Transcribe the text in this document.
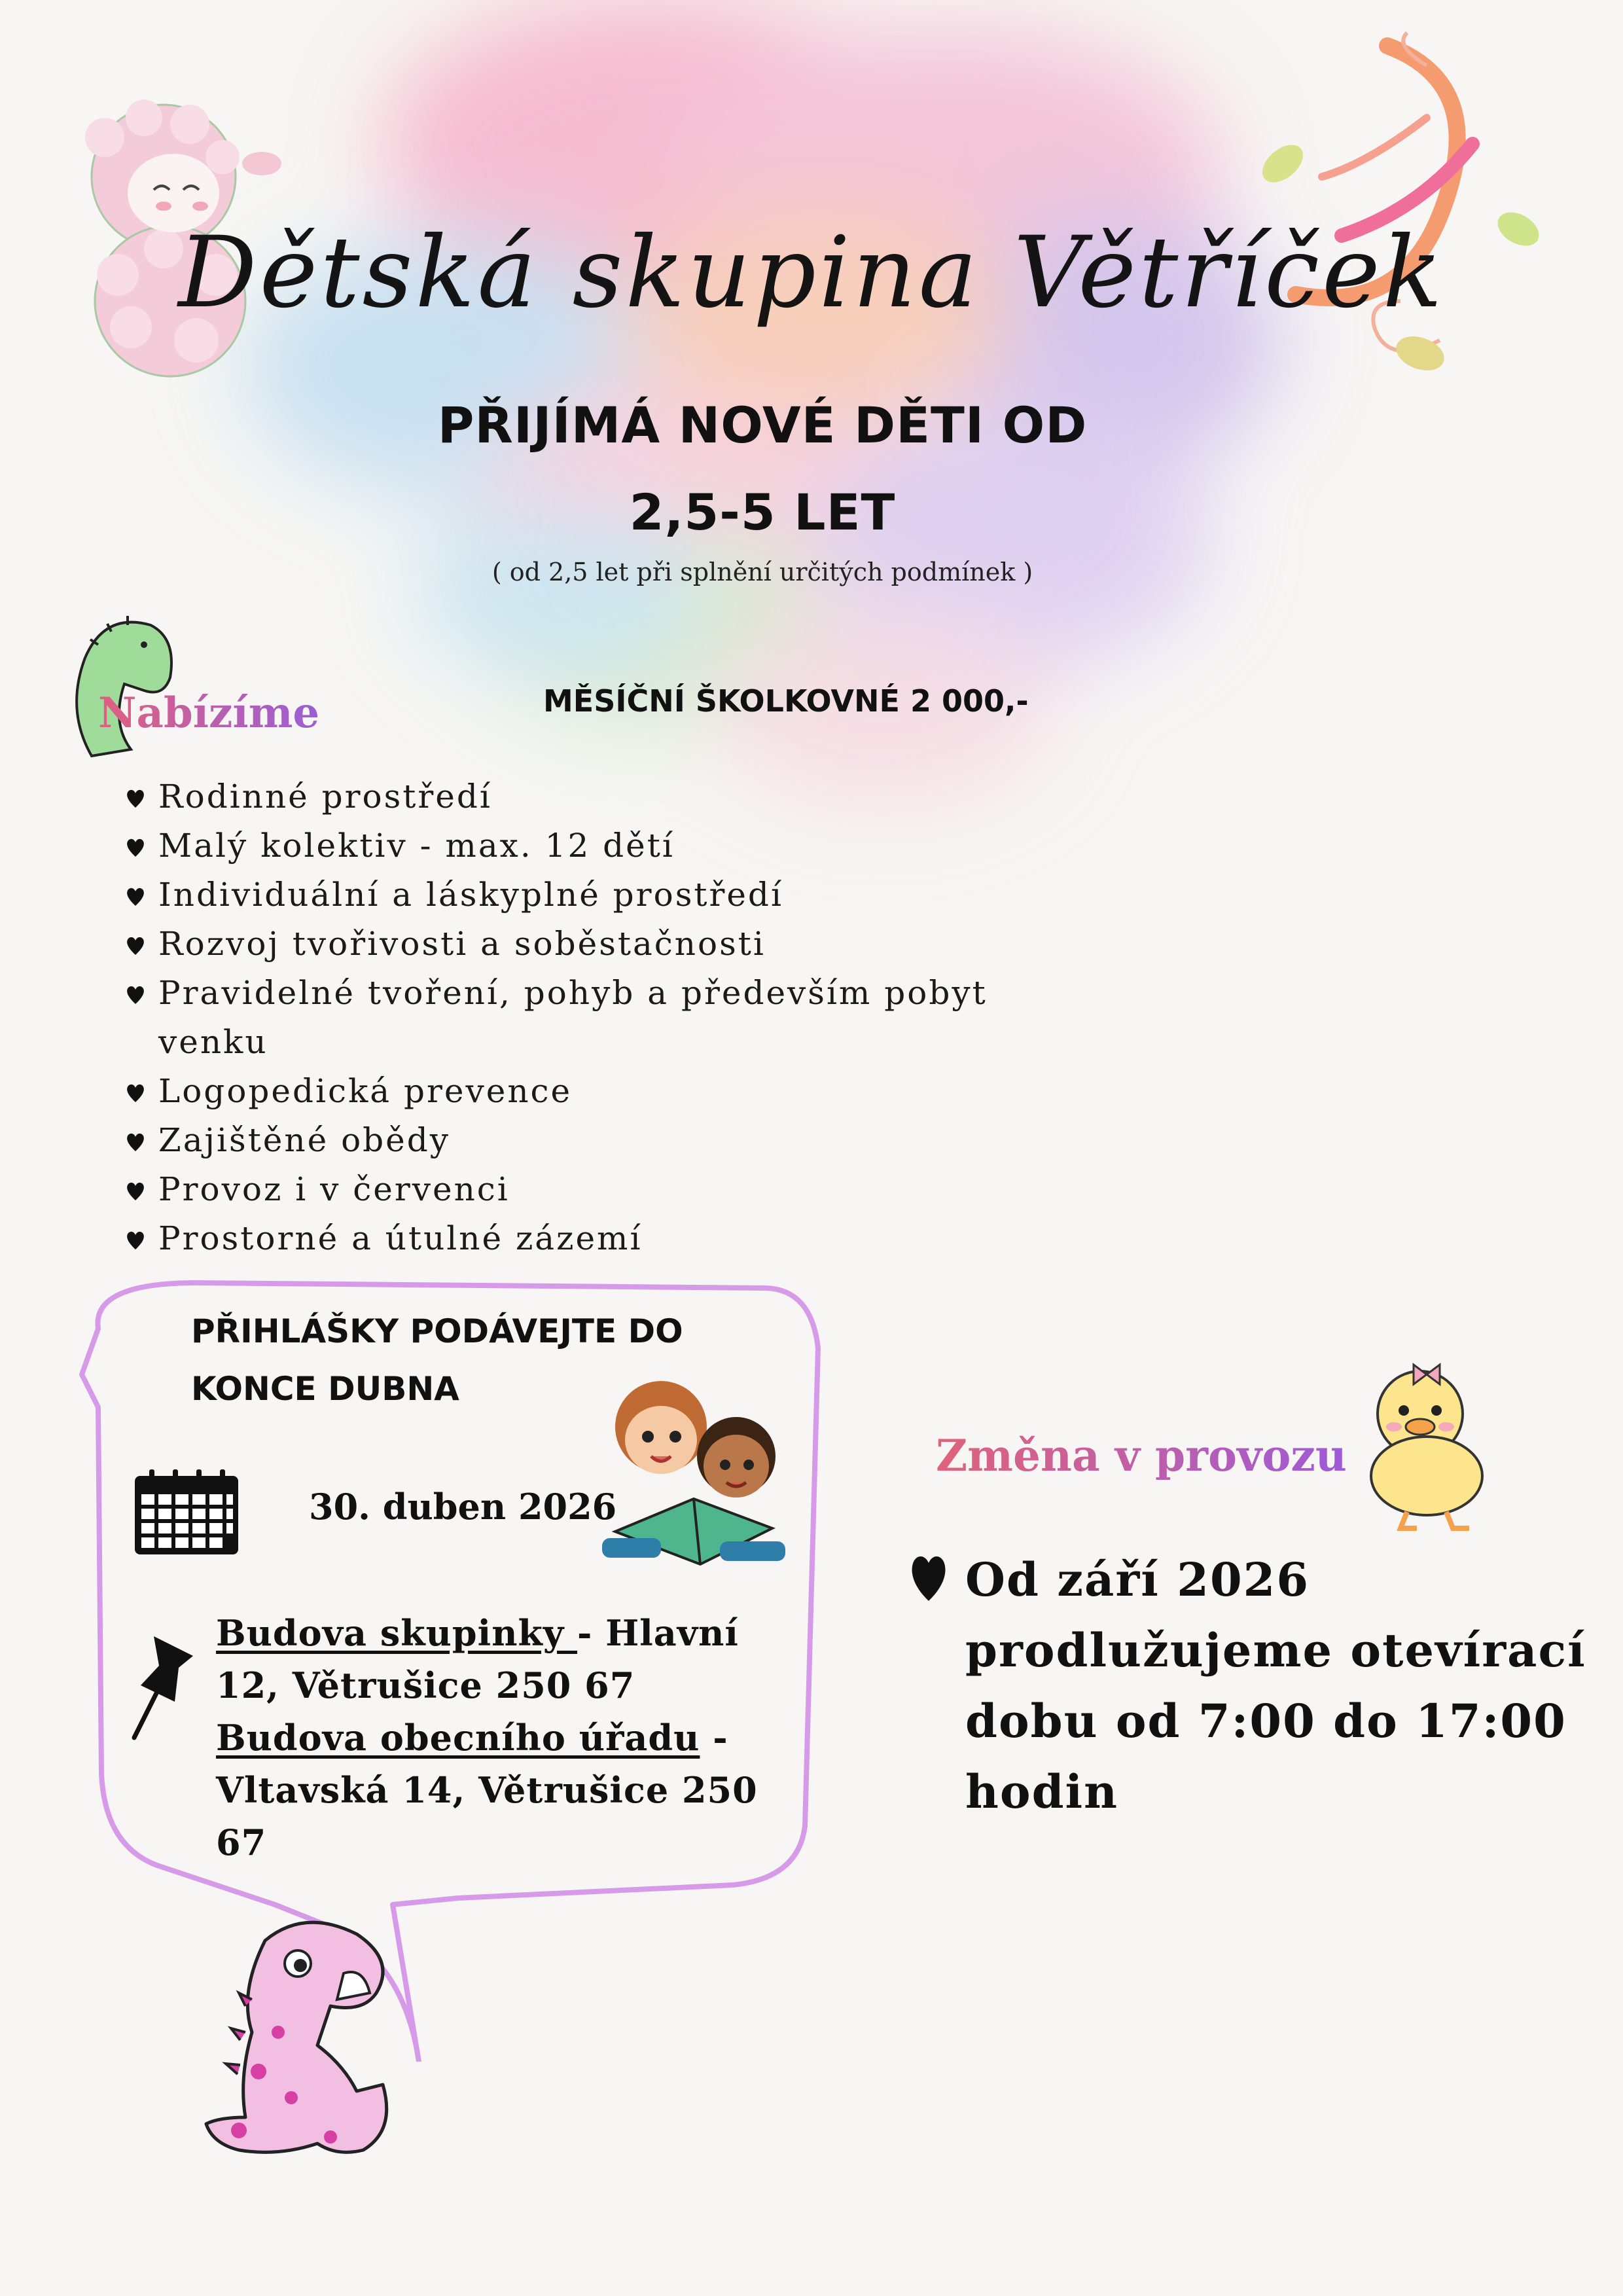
Dětská skupina Větříček
PŘIJÍMÁ NOVÉ DĚTI OD
2,5-5 LET
( od 2,5 let při splnění určitých podmínek )
Nabízíme	MĚSÍČNÍ ŠKOLKOVNÉ 2 000,-
Rodinné prostředí
Malý kolektiv - max. 12 dětí
Individuální a láskyplné prostředí
Rozvoj tvořivosti a soběstačnosti
Pravidelné tvoření, pohyb a především pobyt venku
Logopedická prevence
Zajištěné obědy
Provoz i v červenci
Prostorné a útulné zázemí
PŘIHLÁŠKY PODÁVEJTE DO KONCE DUBNA
30. duben 2026
Budova skupinky - Hlavní 12, Větrušice 250 67
Budova obecního úřadu - Vltavská 14, Větrušice 250 67
Změna v provozu
Od září 2026 prodlužujeme otevírací dobu od 7:00 do 17:00 hodin
